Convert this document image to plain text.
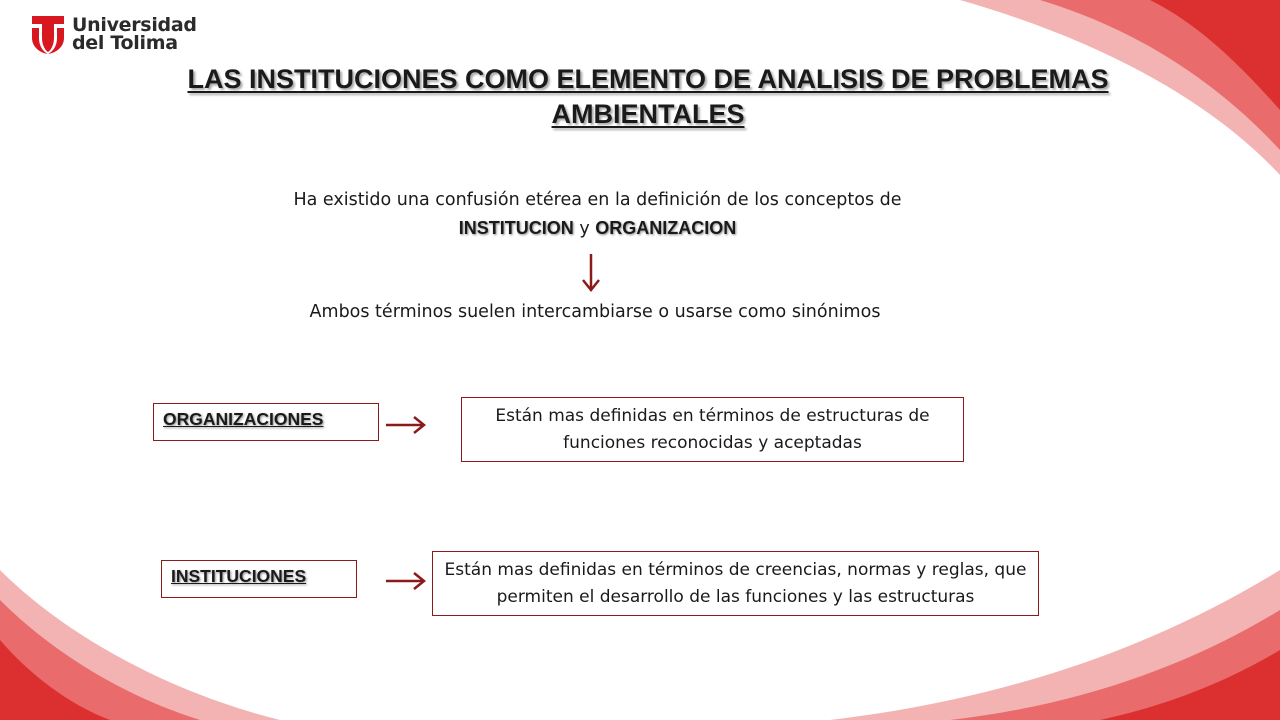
Universidad
del Tolima
LAS INSTITUCIONES COMO ELEMENTO DE ANALISIS DE PROBLEMAS
AMBIENTALES
Ha existido una confusión etérea en la definición de los conceptos de
INSTITUCION y ORGANIZACION
Ambos términos suelen intercambiarse o usarse como sinónimos
ORGANIZACIONES	Están mas definidas en términos de estructuras de funciones reconocidas y aceptadas
INSTITUCIONES	Están mas definidas en términos de creencias, normas y reglas, que permiten el desarrollo de las funciones y las estructuras
